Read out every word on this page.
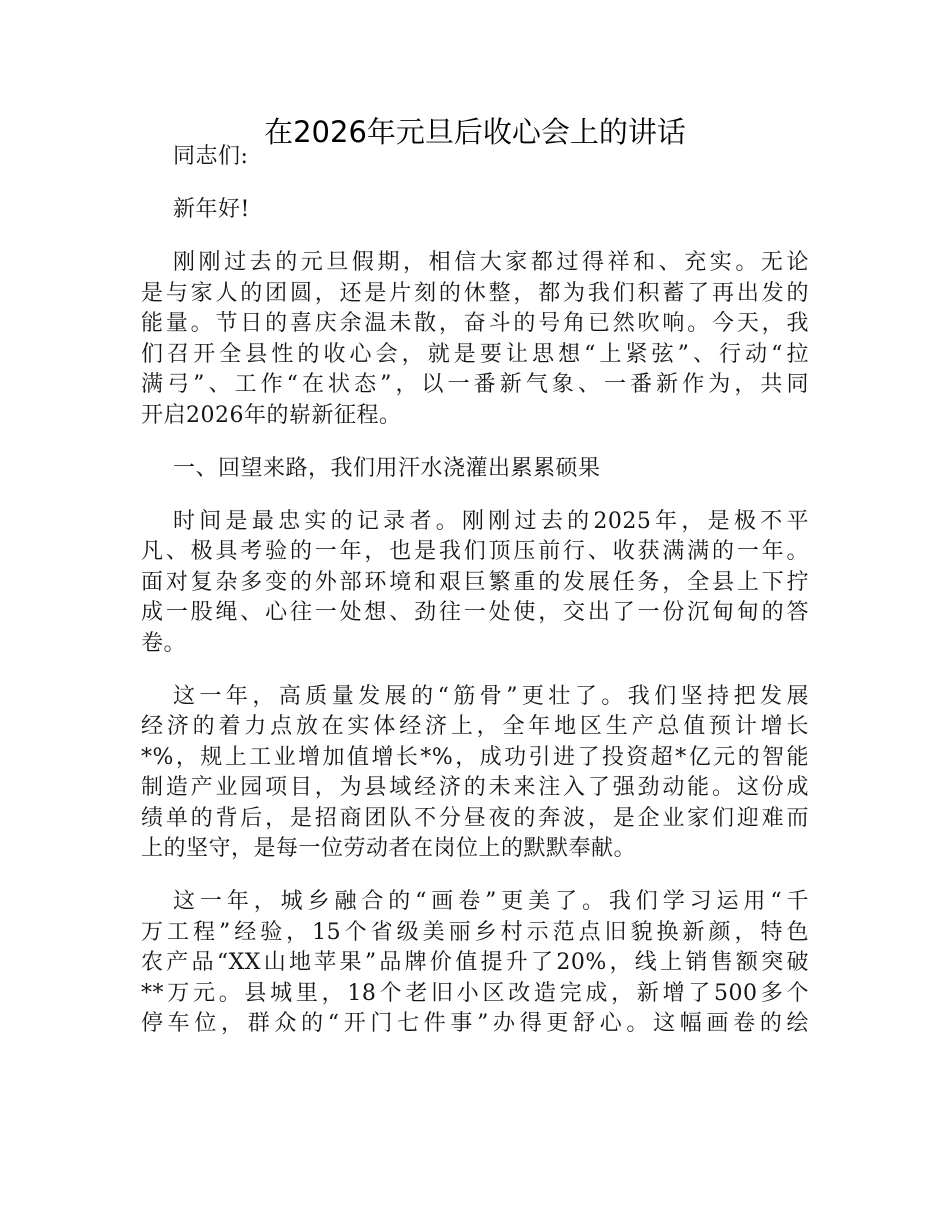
在2026年元旦后收心会上的讲话
同志们:
新年好!
刚刚过去的元旦假期，相信大家都过得祥和、充实。无论
是与家人的团圆，还是片刻的休整，都为我们积蓄了再出发的
能量。节日的喜庆余温未散，奋斗的号角已然吹响。今天，我
们召开全县性的收心会，就是要让思想“上紧弦”、行动“拉
满弓”、工作“在状态”，以一番新气象、一番新作为，共同
开启2026年的崭新征程。
一、回望来路，我们用汗水浇灌出累累硕果
时间是最忠实的记录者。刚刚过去的2025年，是极不平
凡、极具考验的一年，也是我们顶压前行、收获满满的一年。
面对复杂多变的外部环境和艰巨繁重的发展任务，全县上下拧
成一股绳、心往一处想、劲往一处使，交出了一份沉甸甸的答
卷。
这一年，高质量发展的“筋骨”更壮了。我们坚持把发展
经济的着力点放在实体经济上，全年地区生产总值预计增长
*%，规上工业增加值增长*%，成功引进了投资超*亿元的智能
制造产业园项目，为县域经济的未来注入了强劲动能。这份成
绩单的背后，是招商团队不分昼夜的奔波，是企业家们迎难而
上的坚守，是每一位劳动者在岗位上的默默奉献。
这一年，城乡融合的“画卷”更美了。我们学习运用“千
万工程”经验，15个省级美丽乡村示范点旧貌换新颜，特色
农产品“XX山地苹果”品牌价值提升了20%，线上销售额突破
**万元。县城里，18个老旧小区改造完成，新增了500多个
停车位，群众的“开门七件事”办得更舒心。这幅画卷的绘
